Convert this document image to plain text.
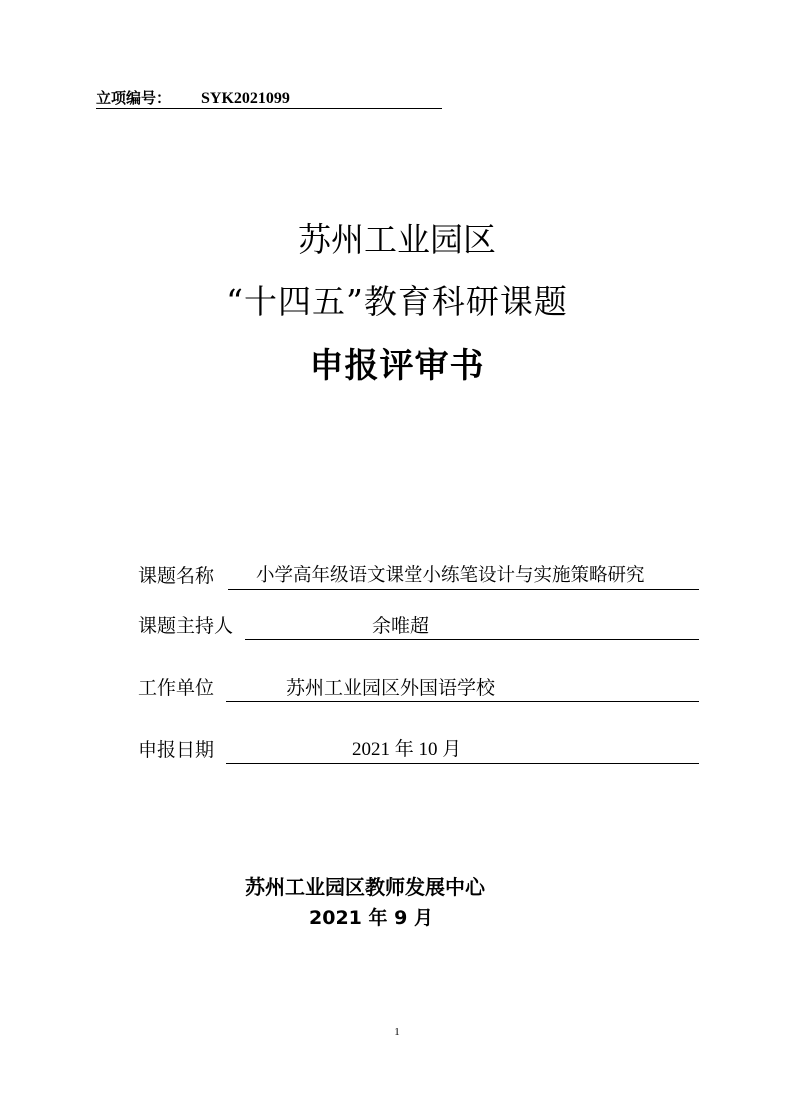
立项编号： SYK2021099
苏州工业园区
“十四五”教育科研课题
申报评审书
课题名称 小学高年级语文课堂小练笔设计与实施策略研究
课题主持人	余唯超
工作单位	苏州工业园区外国语学校
申报日期	2021 年 10 月
苏州工业园区教师发展中心
2021 年 9 月
1
